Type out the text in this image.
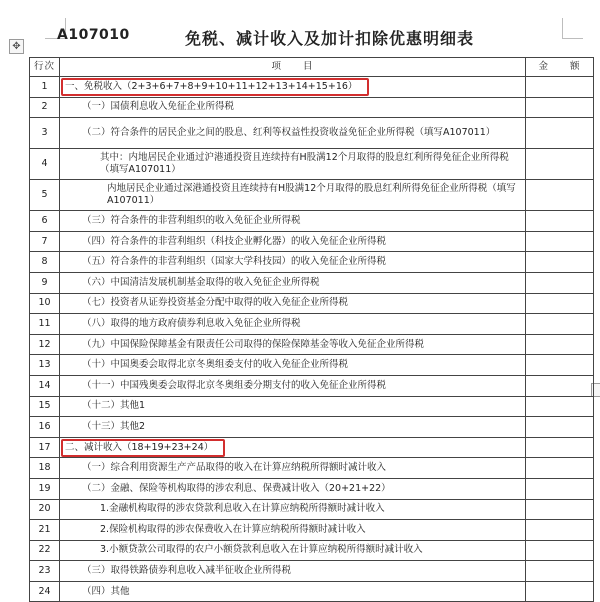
✥
A107010	免税、减计收入及加计扣除优惠明细表
行次	项　　目	金　　额
1	一、免税收入（2+3+6+7+8+9+10+11+12+13+14+15+16）	
2	（一）国债利息收入免征企业所得税	
3	（二）符合条件的居民企业之间的股息、红利等权益性投资收益免征企业所得税（填写A107011）	
4	其中：内地居民企业通过沪港通投资且连续持有H股满12个月取得的股息红利所得免征企业所得税（填写A107011）	
5	内地居民企业通过深港通投资且连续持有H股满12个月取得的股息红利所得免征企业所得税（填写A107011）	
6	（三）符合条件的非营利组织的收入免征企业所得税	
7	（四）符合条件的非营利组织（科技企业孵化器）的收入免征企业所得税	
8	（五）符合条件的非营利组织（国家大学科技园）的收入免征企业所得税	
9	（六）中国清洁发展机制基金取得的收入免征企业所得税	
10	（七）投资者从证券投资基金分配中取得的收入免征企业所得税	
11	（八）取得的地方政府债券利息收入免征企业所得税	
12	（九）中国保险保障基金有限责任公司取得的保险保障基金等收入免征企业所得税	
13	（十）中国奥委会取得北京冬奥组委支付的收入免征企业所得税	
14	（十一）中国残奥委会取得北京冬奥组委分期支付的收入免征企业所得税	
15	（十二）其他1	
16	（十三）其他2	
17	二、减计收入（18+19+23+24）	
18	（一）综合利用资源生产产品取得的收入在计算应纳税所得额时减计收入	
19	（二）金融、保险等机构取得的涉农利息、保费减计收入（20+21+22）	
20	1.金融机构取得的涉农贷款利息收入在计算应纳税所得额时减计收入	
21	2.保险机构取得的涉农保费收入在计算应纳税所得额时减计收入	
22	3.小额贷款公司取得的农户小额贷款利息收入在计算应纳税所得额时减计收入	
23	（三）取得铁路债券利息收入减半征收企业所得税	
24	（四）其他	
